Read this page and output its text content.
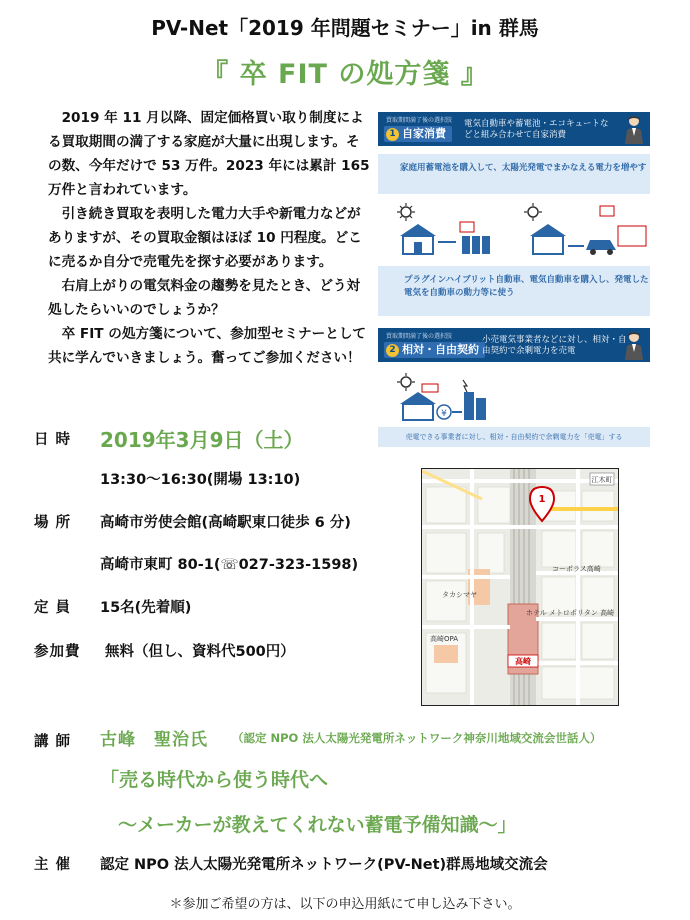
PV-Net「2019 年問題セミナー」in 群馬
『 卒 FIT の処方箋 』

2019 年 11 月以降、固定価格買い取り制度による買取期間の満了する家庭が大量に出現します。その数、今年だけで 53 万件。2023 年には累計 165 万件と言われています。

引き続き買取を表明した電力大手や新電力などがありますが、その買取金額はほぼ 10 円程度。どこに売るか自分で売電先を探す必要があります。

右肩上がりの電気料金の趨勢を見たとき、どう対処したらいいのでしょうか？

卒 FIT の処方箋について、参加型セミナーとして共に学んでいきましょう。奮ってご参加ください！

買取期間満了後の選択肢
1 自家消費
電気自動車や蓄電池・エコキュートなどと組み合わせて自家消費
家庭用蓄電池を購入して、太陽光発電でまかなえる電力を増やす
プラグインハイブリット自動車、電気自動車を購入し、発電した電気を自動車の動力等に使う
買取期間満了後の選択肢
2 相対・自由契約
小売電気事業者などに対し、相対・自由契約で余剰電力を売電
¥
売電できる事業者に対し、相対・自由契約で余剰電力を「売電」する
日 時 2019年3月9日（土）
13:30～16:30(開場 13:10)
場 所 高崎市労使会館(高崎駅東口徒歩 6 分)
高崎市東町 80-1(☏027-323-1598)
定 員 15名(先着順)
参加費 無料（但し、資料代500円）
江木町
1
ホテル メトロポリタン 高崎
高崎OPA
タカシマヤ
コーポラス高崎
高崎
講 師 古峰　聖治氏 （認定 NPO 法人太陽光発電所ネットワーク神奈川地域交流会世話人）
「売る時代から使う時代へ
～メーカーが教えてくれない蓄電予備知識～」
主 催 認定 NPO 法人太陽光発電所ネットワーク(PV-Net)群馬地域交流会
＊参加ご希望の方は、以下の申込用紙にて申し込み下さい。
